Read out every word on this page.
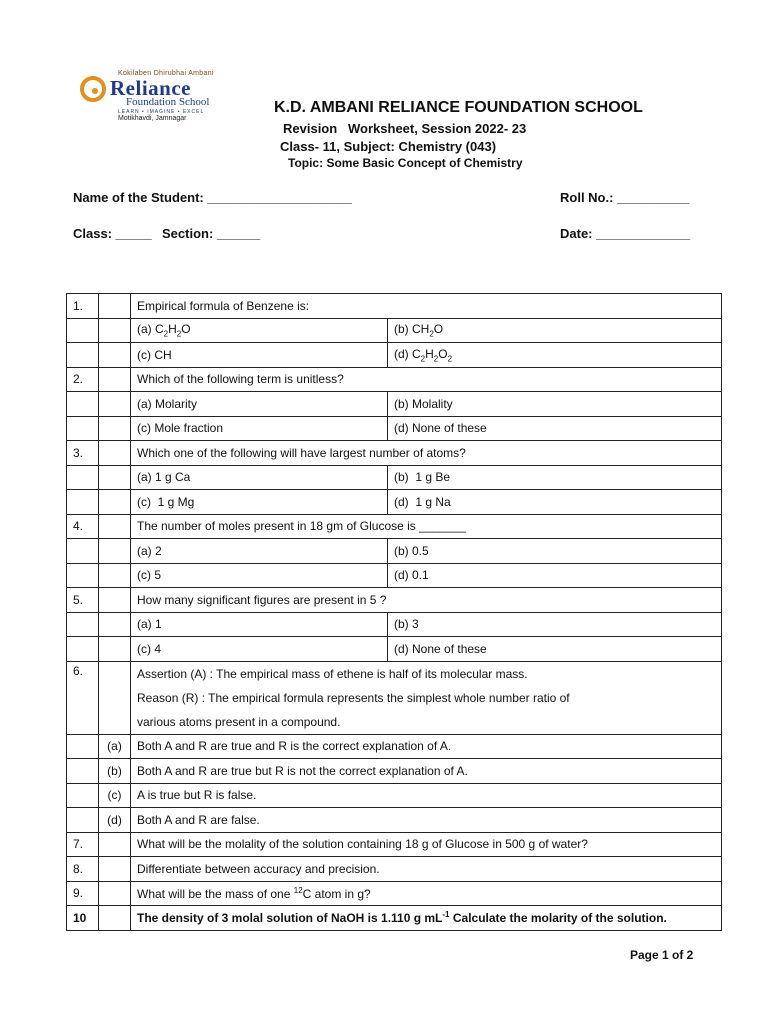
Kokilaben Dhirubhai Ambani
Reliance
Foundation School
LEARN • IMAGINE • EXCEL
Motikhavdi, Jamnagar
K.D. AMBANI RELIANCE FOUNDATION SCHOOL
Revision   Worksheet, Session 2022- 23
Class- 11, Subject: Chemistry (043)
Topic: Some Basic Concept of Chemistry
Name of the Student: ____________________	Roll No.: __________
Class: _____ Section: ______	Date: _____________
1.		Empirical formula of Benzene is:	
		(a) $C_2H_2O$	(b) $CH_2O$
		(c) CH	(d) $C_2H_2O_2$
2.		Which of the following term is unitless?	
		(a) Molarity	(b) Molality
		(c) Mole fraction	(d) None of these
3.		Which one of the following will have largest number of atoms?	
		(a) 1 g Ca	(b)  1 g Be
		(c)  1 g Mg	(d)  1 g Na
4.		The number of moles present in 18 gm of Glucose is _______	
		(a) 2	(b) 0.5
		(c) 5	(d) 0.1
5.		How many significant figures are present in 5 ?	
		(a) 1	(b) 3
		(c) 4	(d) None of these
6.		Assertion (A) : The empirical mass of ethene is half of its molecular mass.
Reason (R) : The empirical formula represents the simplest whole number ratio of
various atoms present in a compound.	

	(a)	Both A and R are true and R is the correct explanation of A.	
	(b)	Both A and R are true but R is not the correct explanation of A.	
	(c)	A is true but R is false.	
	(d)	Both A and R are false.	
7.		What will be the molality of the solution containing 18 g of Glucose in 500 g of water?	
8.		Differentiate between accuracy and precision.	
9.		What will be the mass of one $^{12}$C atom in g?	
10		The density of 3 molal solution of NaOH is 1.110 g $mL^{-1}$ Calculate the molarity of the solution.	
Page 1 of 2
